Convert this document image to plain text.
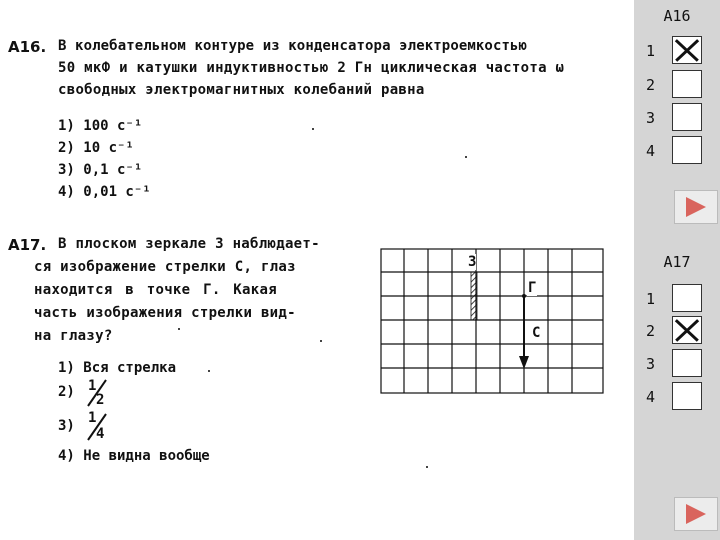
A16. В колебательном контуре из конденсатора электроемкостью
50 мкФ и катушки индуктивностью 2 Гн циклическая частота ω
свободных электромагнитных колебаний равна
1) 100 с⁻¹
2) 10 с⁻¹
3) 0,1 с⁻¹
4) 0,01 с⁻¹
A17. В плоском зеркале З наблюдает-
ся изображение стрелки С, глаз
находится в точке Г. Какая
часть изображения стрелки вид-
на глазу?
1) Вся стрелка
2) 1
2
3) 1
4
4) Не видна вообще
З
Г
С
А16
1
2
3
4
А17
1
2
3
4
